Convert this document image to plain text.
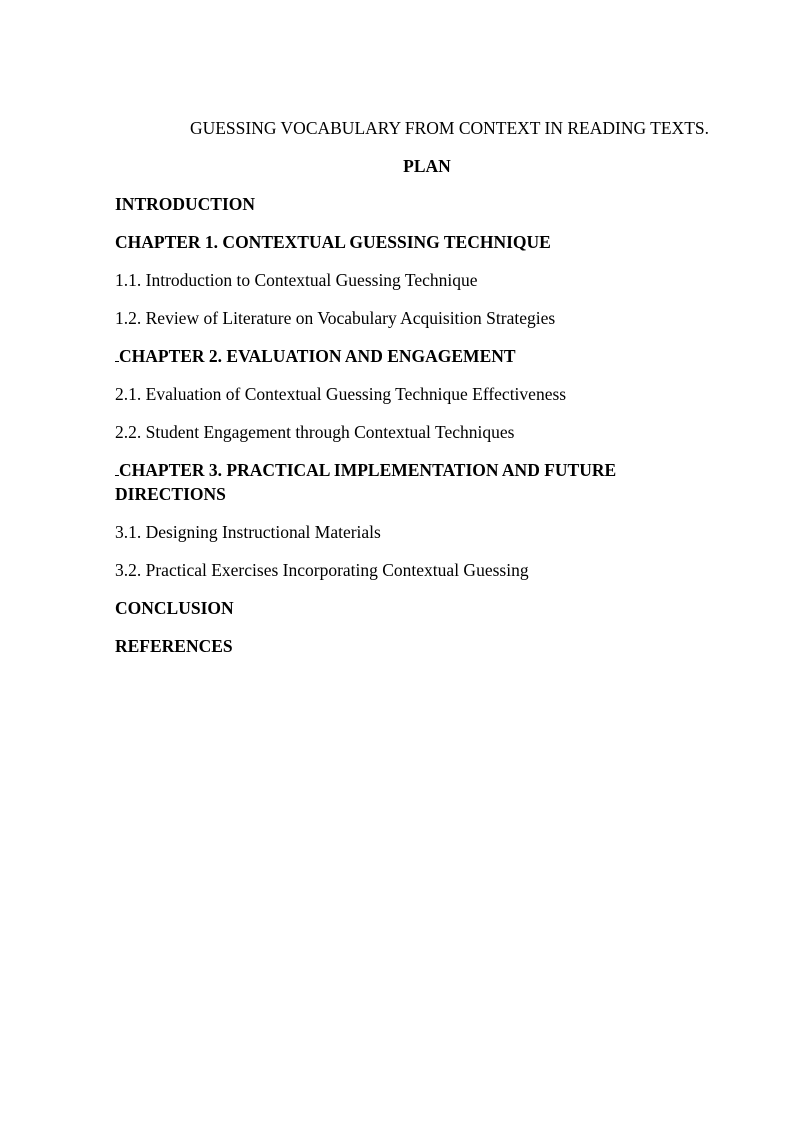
GUESSING VOCABULARY FROM CONTEXT IN READING TEXTS.
PLAN
INTRODUCTION
CHAPTER 1. CONTEXTUAL GUESSING TECHNIQUE
1.1. Introduction to Contextual Guessing Technique
1.2. Review of Literature on Vocabulary Acquisition Strategies
CHAPTER 2. EVALUATION AND ENGAGEMENT
2.1. Evaluation of Contextual Guessing Technique Effectiveness
2.2. Student Engagement through Contextual Techniques
CHAPTER 3. PRACTICAL IMPLEMENTATION AND FUTURE DIRECTIONS
3.1. Designing Instructional Materials
3.2. Practical Exercises Incorporating Contextual Guessing
CONCLUSION
REFERENCES
